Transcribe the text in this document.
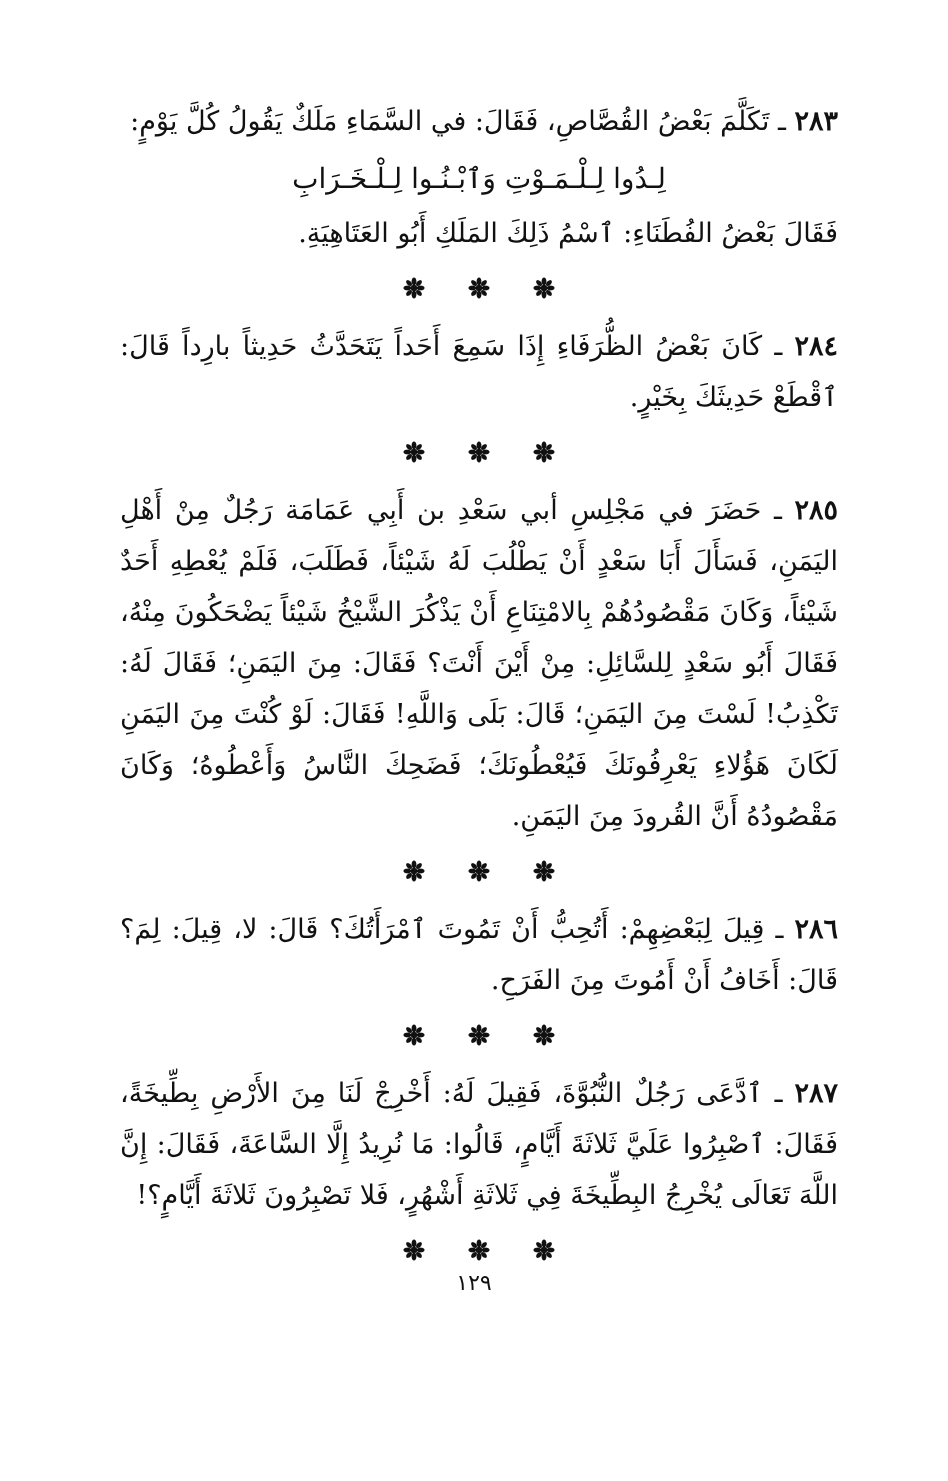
٢٨٣ ـ تَكَلَّمَ بَعْضُ القُصَّاصِ، فَقَالَ: في السَّمَاءِ مَلَكٌ يَقُولُ كُلَّ يَوْمٍ:

لِـدُوا لِـلْـمَـوْتِ وَٱبْـنُـوا لِـلْـخَـرَابِ

فَقَالَ بَعْضُ الفُطَنَاءِ: ٱسْمُ ذَلِكَ المَلَكِ أَبُو العَتَاهِيَةِ.

٢٨٤ ـ كَانَ بَعْضُ الظُّرَفَاءِ إِذَا سَمِعَ أَحَداً يَتَحَدَّثُ حَدِيثاً بارِداً قَالَ: ٱقْطَعْ حَدِيثَكَ بِخَيْرٍ.

٢٨٥ ـ حَضَرَ في مَجْلِسِ أبي سَعْدِ بن أَبِي عَمَامَة رَجُلٌ مِنْ أَهْلِ اليَمَنِ، فَسَأَلَ أَبَا سَعْدٍ أَنْ يَطْلُبَ لَهُ شَيْئاً، فَطَلَبَ، فَلَمْ يُعْطِهِ أَحَدٌ شَيْئاً، وَكَانَ مَقْصُودُهُمْ بِالامْتِنَاعِ أَنْ يَذْكُرَ الشَّيْخُ شَيْئاً يَضْحَكُونَ مِنْهُ، فَقَالَ أَبُو سَعْدٍ لِلسَّائِلِ: مِنْ أَيْنَ أَنْتَ؟ فَقَالَ: مِنَ اليَمَنِ؛ فَقَالَ لَهُ: تَكْذِبُ! لَسْتَ مِنَ اليَمَنِ؛ قَالَ: بَلَى وَاللَّهِ! فَقَالَ: لَوْ كُنْتَ مِنَ اليَمَنِ لَكَانَ هَؤُلاءِ يَعْرِفُونَكَ فَيُعْطُونَكَ؛ فَضَحِكَ النَّاسُ وَأَعْطُوهُ؛ وَكَانَ مَقْصُودُهُ أَنَّ القُرودَ مِنَ اليَمَنِ.

٢٨٦ ـ قِيلَ لِبَعْضِهِمْ: أَتُحِبُّ أَنْ تَمُوتَ ٱمْرَأَتُكَ؟ قَالَ: لا، قِيلَ: لِمَ؟ قَالَ: أَخَافُ أَنْ أَمُوتَ مِنَ الفَرَحِ.

٢٨٧ ـ ٱدَّعَى رَجُلٌ النُّبُوَّةَ، فَقِيلَ لَهُ: أَخْرِجْ لَنَا مِنَ الأَرْضِ بِطِّيخَةً، فَقَالَ: ٱصْبِرُوا عَلَيَّ ثَلاثَةَ أَيَّامٍ، قَالُوا: مَا نُرِيدُ إِلَّا السَّاعَةَ، فَقَالَ: إِنَّ اللَّهَ تَعَالَى يُخْرِجُ البِطِّيخَةَ فِي ثَلاثَةِ أَشْهُرٍ، فَلا تَصْبِرُونَ ثَلاثَةَ أَيَّامٍ؟!

١٢٩
